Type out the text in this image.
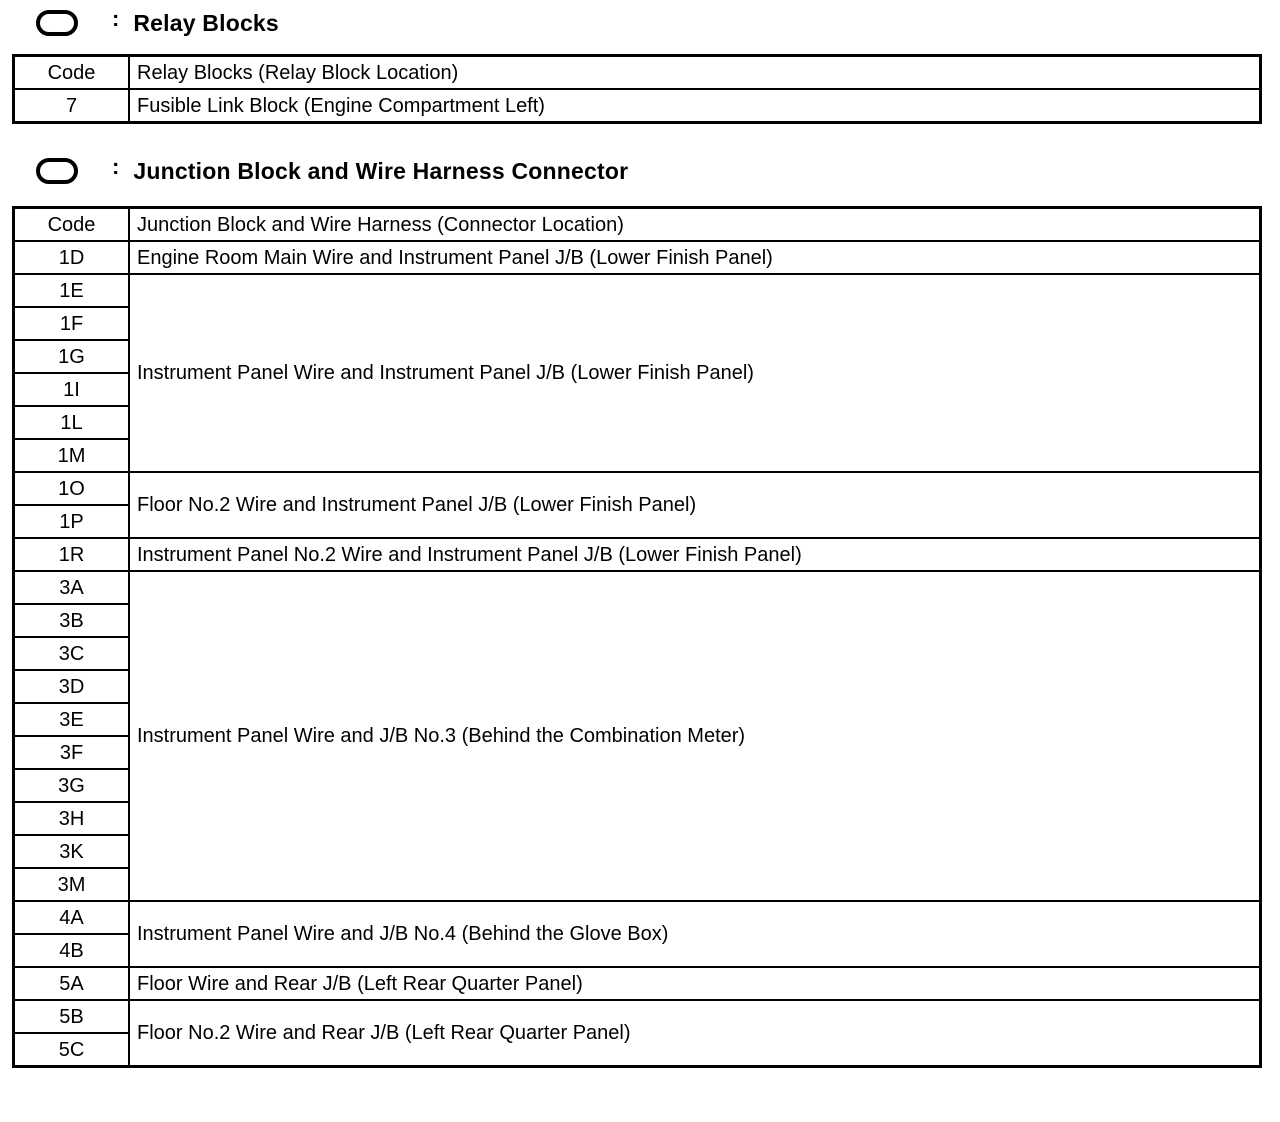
: Relay Blocks
Code	Relay Blocks (Relay Block Location)
7	Fusible Link Block (Engine Compartment Left)
: Junction Block and Wire Harness Connector
Code	Junction Block and Wire Harness (Connector Location)
1D	Engine Room Main Wire and Instrument Panel J/B (Lower Finish Panel)
1E	Instrument Panel Wire and Instrument Panel J/B (Lower Finish Panel)
1F	
1G	
1I	
1L	
1M	
1O	Floor No.2 Wire and Instrument Panel J/B (Lower Finish Panel)
1P	
1R	Instrument Panel No.2 Wire and Instrument Panel J/B (Lower Finish Panel)
3A	Instrument Panel Wire and J/B No.3 (Behind the Combination Meter)
3B	
3C	
3D	
3E	
3F	
3G	
3H	
3K	
3M	
4A	Instrument Panel Wire and J/B No.4 (Behind the Glove Box)
4B	
5A	Floor Wire and Rear J/B (Left Rear Quarter Panel)
5B	Floor No.2 Wire and Rear J/B (Left Rear Quarter Panel)
5C	
